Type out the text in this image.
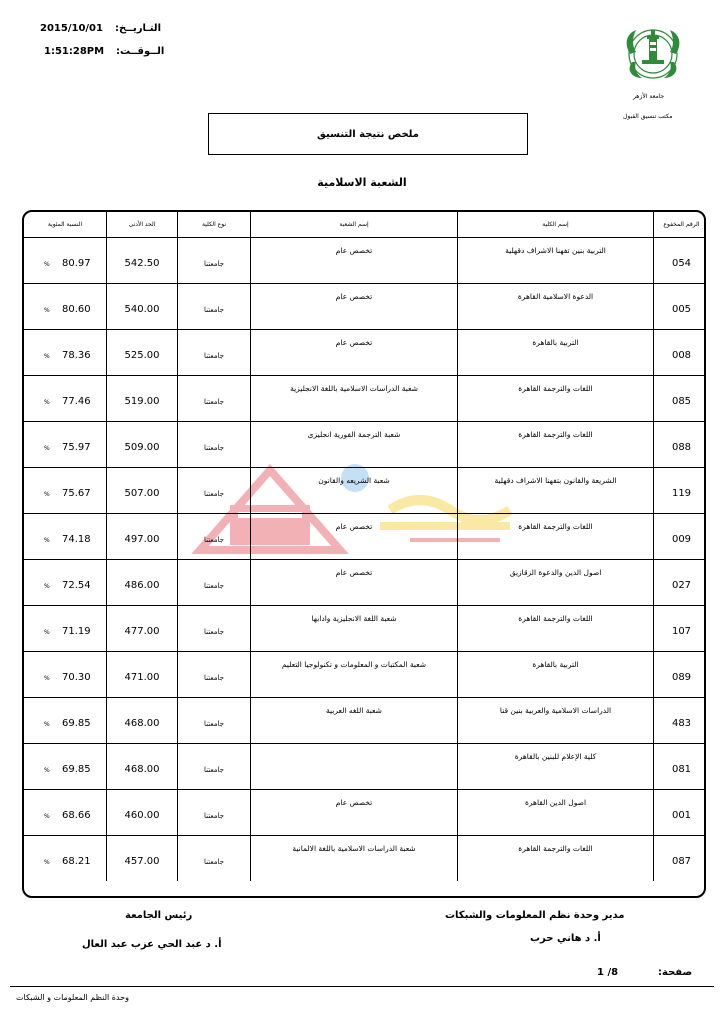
2015/10/01 التـاريــخ:
1:51:28PM الــوقــت:
جامعة الأزهر
مكتب تنسيق القبول
ملخص نتيجة التنسيق
الشعبة الاسلامية
النسبة المئوية	الحد الأدنى	نوع الكلية	إسم الشعبة	إسم الكلية	الرقم المخفوع

% 80.97	542.50	جامعتنا	تخصص عام	التربية بنين تفهنا الاشراف دقهلية	054

% 80.60	540.00	جامعتنا	تخصص عام	الدعوة الاسلامية القاهرة	005

% 78.36	525.00	جامعتنا	تخصص عام	التربية بالقاهرة	008

% 77.46	519.00	جامعتنا	شعبة الدراسات الاسلامية باللغة الانجليزية	اللغات والترجمة القاهرة	085

% 75.97	509.00	جامعتنا	شعبة الترجمة الفورية انجليزى	اللغات والترجمة القاهرة	088

% 75.67	507.00	جامعتنا	شعبة الشريعه والقانون	الشريعة والقانون بتفهنا الاشراف دقهلية	119

% 74.18	497.00	جامعتنا	تخصص عام	اللغات والترجمة القاهرة	009

% 72.54	486.00	جامعتنا	تخصص عام	اصول الدين والدعوة الزقازيق	027

% 71.19	477.00	جامعتنا	شعبة اللغة الانجليزية وادابها	اللغات والترجمة القاهرة	107

% 70.30	471.00	جامعتنا	شعبة المكتبات و المعلومات و تكنولوجيا التعليم	التربية بالقاهرة	089

% 69.85	468.00	جامعتنا	شعبة اللغه العربية	الدراسات الاسلامية والعربية بنين قنا	483

% 69.85	468.00	جامعتنا		كلية الإعلام للبنين بالقاهرة	081

% 68.66	460.00	جامعتنا	تخصص عام	اصول الدين القاهرة	001

% 68.21	457.00	جامعتنا	شعبة الدراسات الاسلامية باللغة الالمانية	اللغات والترجمة القاهرة	087
رئيس الجامعة
أ. د عبد الحي عزب عبد العال
مدير وحدة نظم المعلومات والشبكات
أ. د هاني حرب
صفحة:
1 /8
وحدة النظم المعلومات و الشبكات
